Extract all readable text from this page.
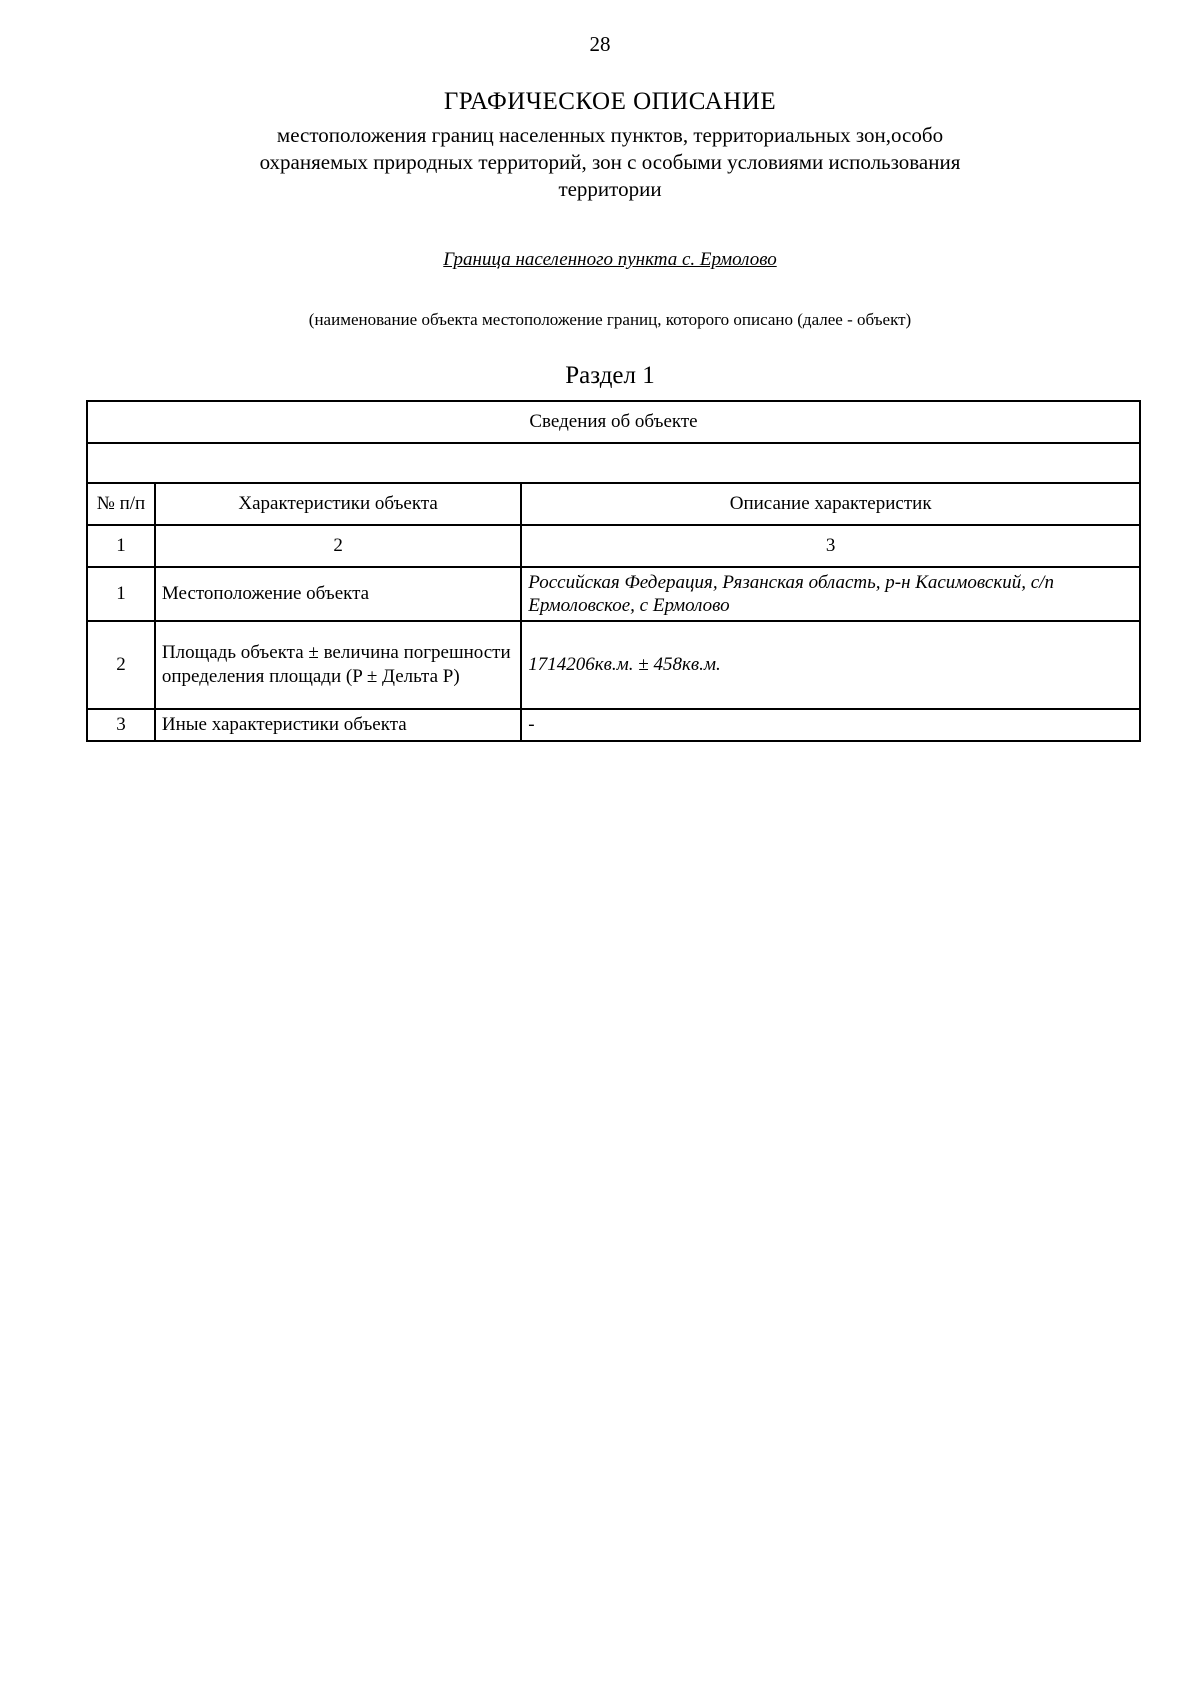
28
ГРАФИЧЕСКОЕ ОПИСАНИЕ
местоположения границ населенных пунктов, территориальных зон,особо охраняемых природных территорий, зон с особыми условиями использования территории
Граница населенного пункта с. Ермолово
(наименование объекта местоположение границ, которого описано (далее - объект)
Раздел 1
Сведения об объекте		

№ п/п	Характеристики объекта	Описание характеристик
1	2	3
1	Местоположение объекта	Российская Федерация, Рязанская область, р-н Касимовский, с/п Ермоловское, с Ермолово
2	Площадь объекта ± величина погрешности определения площади (P ± Дельта P)	1714206кв.м. ± 458кв.м.
3	Иные характеристики объекта	-
